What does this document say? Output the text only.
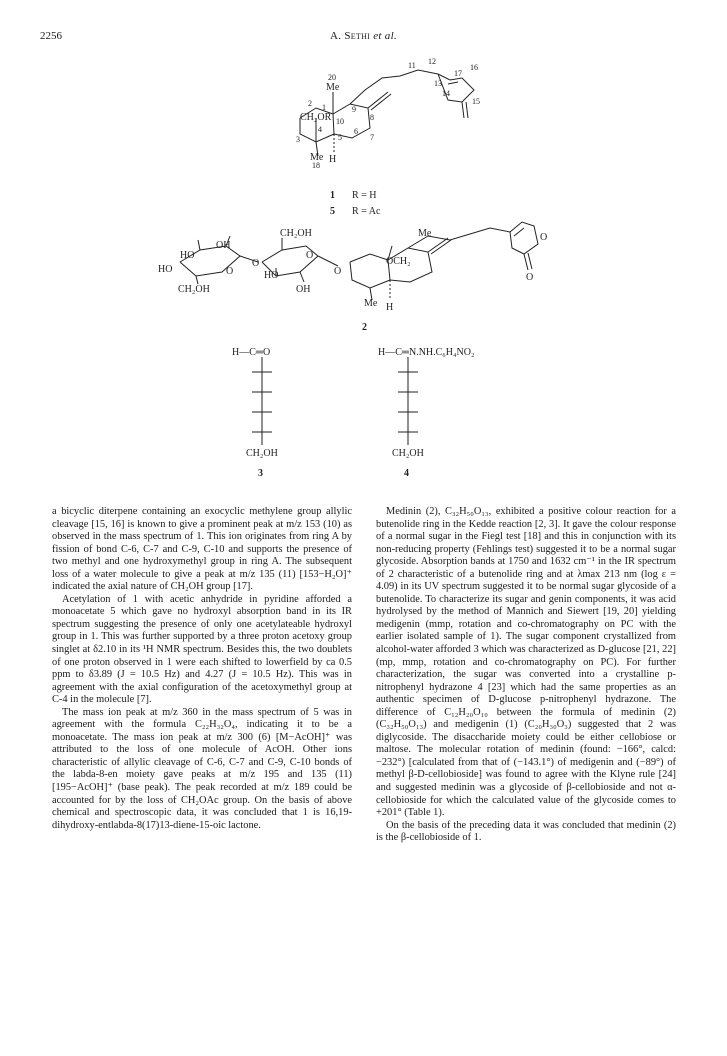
2256	A. Sethi et al.
20
11 12
16
17
13
14
15
2 1
10
9
8
7
6
5
4
3
18
Me
CH₂OR
Me H
1 R = H
5 R = Ac
HO
OH
HO
CH₂OH
O
O
CH₂OH
O
HO
OH
O
OCH₂
Me
Me H
O
O
2
H—C═O
CH₂OH
3
H—C═N.NH.C₆H₄NO₂
CH₂OH
4

a bicyclic diterpene containing an exocyclic methylene group allylic cleavage [15, 16] is known to give a prominent peak at m/z 153 (10) as observed in the mass spectrum of 1. This ion originates from ring A by fission of bond C-6, C-7 and C-9, C-10 and supports the presence of two methyl and one hydroxymethyl group in ring A. The subsequent loss of a water molecule to give a peak at m/z 135 (11) [153−H₂O]⁺ indicated the axial nature of CH₂OH group [17].

Acetylation of 1 with acetic anhydride in pyridine afforded a monoacetate 5 which gave no hydroxyl absorption band in its IR spectrum suggesting the presence of only one acetylateable hydroxyl group in 1. This was further supported by a three proton acetoxy group singlet at δ2.10 in its ¹H NMR spectrum. Besides this, the two doublets of one proton observed in 1 were each shifted to lowerfield by ca 0.5 ppm to δ3.89 (J = 10.5 Hz) and 4.27 (J = 10.5 Hz). This was in agreement with the axial configuration of the acetoxymethyl group at C-4 in the molecule [7].

The mass ion peak at m/z 360 in the mass spectrum of 5 was in agreement with the formula C₂₂H₃₂O₄, indicating it to be a monoacetate. The mass ion peak at m/z 300 (6) [M−AcOH]⁺ was attributed to the loss of one molecule of AcOH. Other ions characteristic of allylic cleavage of C-6, C-7 and C-9, C-10 bonds of the labda-8-en moiety gave peaks at m/z 195 and 135 (11) [195−AcOH]⁺ (base peak). The peak recorded at m/z 189 could be accounted for by the loss of CH₂OAc group. On the basis of above chemical and spectroscopic data, it was concluded that 1 is 16,19-dihydroxy-entlabda-8(17)13-diene-15-oic lactone.

Medinin (2), C₃₂H₅₀O₁₃, exhibited a positive colour reaction for a butenolide ring in the Kedde reaction [2, 3]. It gave the colour response of a normal sugar in the Fiegl test [18] and this in conjunction with its non-reducing property (Fehlings test) suggested it to be a normal sugar glycoside. Absorption bands at 1750 and 1632 cm⁻¹ in the IR spectrum of 2 characteristic of a butenolide ring and at λmax 213 nm (log ε = 4.09) in its UV spectrum suggested it to be normal sugar glycoside of a butenolide. To characterize its sugar and genin components, it was acid hydrolysed by the method of Mannich and Siewert [19, 20] yielding medigenin (mmp, rotation and co-chromatography on PC with the earlier isolated sample of 1). The sugar component crystallized from alcohol-water afforded 3 which was characterized as D-glucose [21, 22] (mp, mmp, rotation and co-chromatography on PC). For further characterization, the sugar was converted into a crystalline p-nitrophenyl hydrazone 4 [23] which had the same properties as an authentic specimen of D-glucose p-nitrophenyl hydrazone. The difference of C₁₂H₂₀O₁₀ between the formula of medinin (2) (C₃₂H₅₀O₁₃) and medigenin (1) (C₂₀H₃₀O₃) suggested that 2 was diglycoside. The disaccharide moiety could be either cellobiose or maltose. The molecular rotation of medinin (found: −166°, calcd: −232°) [calculated from that of (−143.1°) of medigenin and (−89°) of methyl β-D-cellobioside] was found to agree with the Klyne rule [24] and suggested medinin was a glycoside of β-cellobioside and not α-cellobioside for which the calculated value of the glycoside comes to +201° (Table 1).

On the basis of the preceding data it was concluded that medinin (2) is the β-cellobioside of 1.
